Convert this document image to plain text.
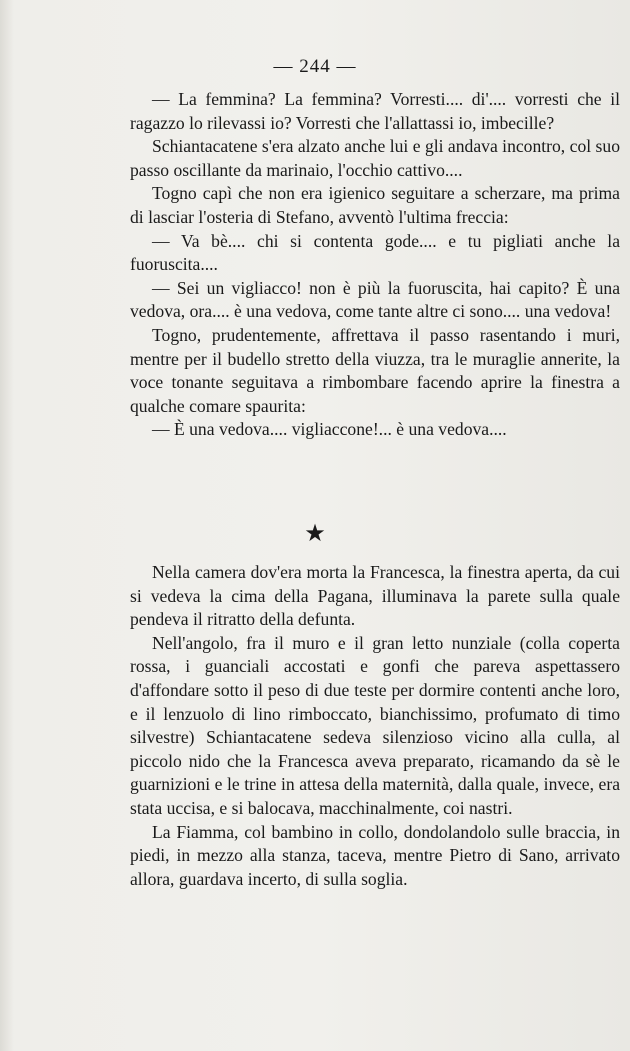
— 244 —

— La femmina? La femmina? Vorresti.... di'.... vorresti che il ragazzo lo rilevassi io? Vorresti che l'allattassi io, imbecille?

Schiantacatene s'era alzato anche lui e gli andava incontro, col suo passo oscillante da marinaio, l'occhio cattivo....

Togno capì che non era igienico seguitare a scherzare, ma prima di lasciar l'osteria di Stefano, avventò l'ultima freccia:

— Va bè.... chi si contenta gode.... e tu pigliati anche la fuoruscita....

— Sei un vigliacco! non è più la fuoruscita, hai capito? È una vedova, ora.... è una vedova, come tante altre ci sono.... una vedova!

Togno, prudentemente, affrettava il passo rasentando i muri, mentre per il budello stretto della viuzza, tra le muraglie annerite, la voce tonante seguitava a rimbombare facendo aprire la finestra a qualche comare spaurita:

— È una vedova.... vigliaccone!... è una vedova....

★

Nella camera dov'era morta la Francesca, la finestra aperta, da cui si vedeva la cima della Pagana, illuminava la parete sulla quale pendeva il ritratto della defunta.

Nell'angolo, fra il muro e il gran letto nunziale (colla coperta rossa, i guanciali accostati e gonfi che pareva aspettassero d'affondare sotto il peso di due teste per dormire contenti anche loro, e il lenzuolo di lino rimboccato, bianchissimo, profumato di timo silvestre) Schiantacatene sedeva silenzioso vicino alla culla, al piccolo nido che la Francesca aveva preparato, ricamando da sè le guarnizioni e le trine in attesa della maternità, dalla quale, invece, era stata uccisa, e si balocava, macchinalmente, coi nastri.

La Fiamma, col bambino in collo, dondolandolo sulle braccia, in piedi, in mezzo alla stanza, taceva, mentre Pietro di Sano, arrivato allora, guardava incerto, di sulla soglia.
